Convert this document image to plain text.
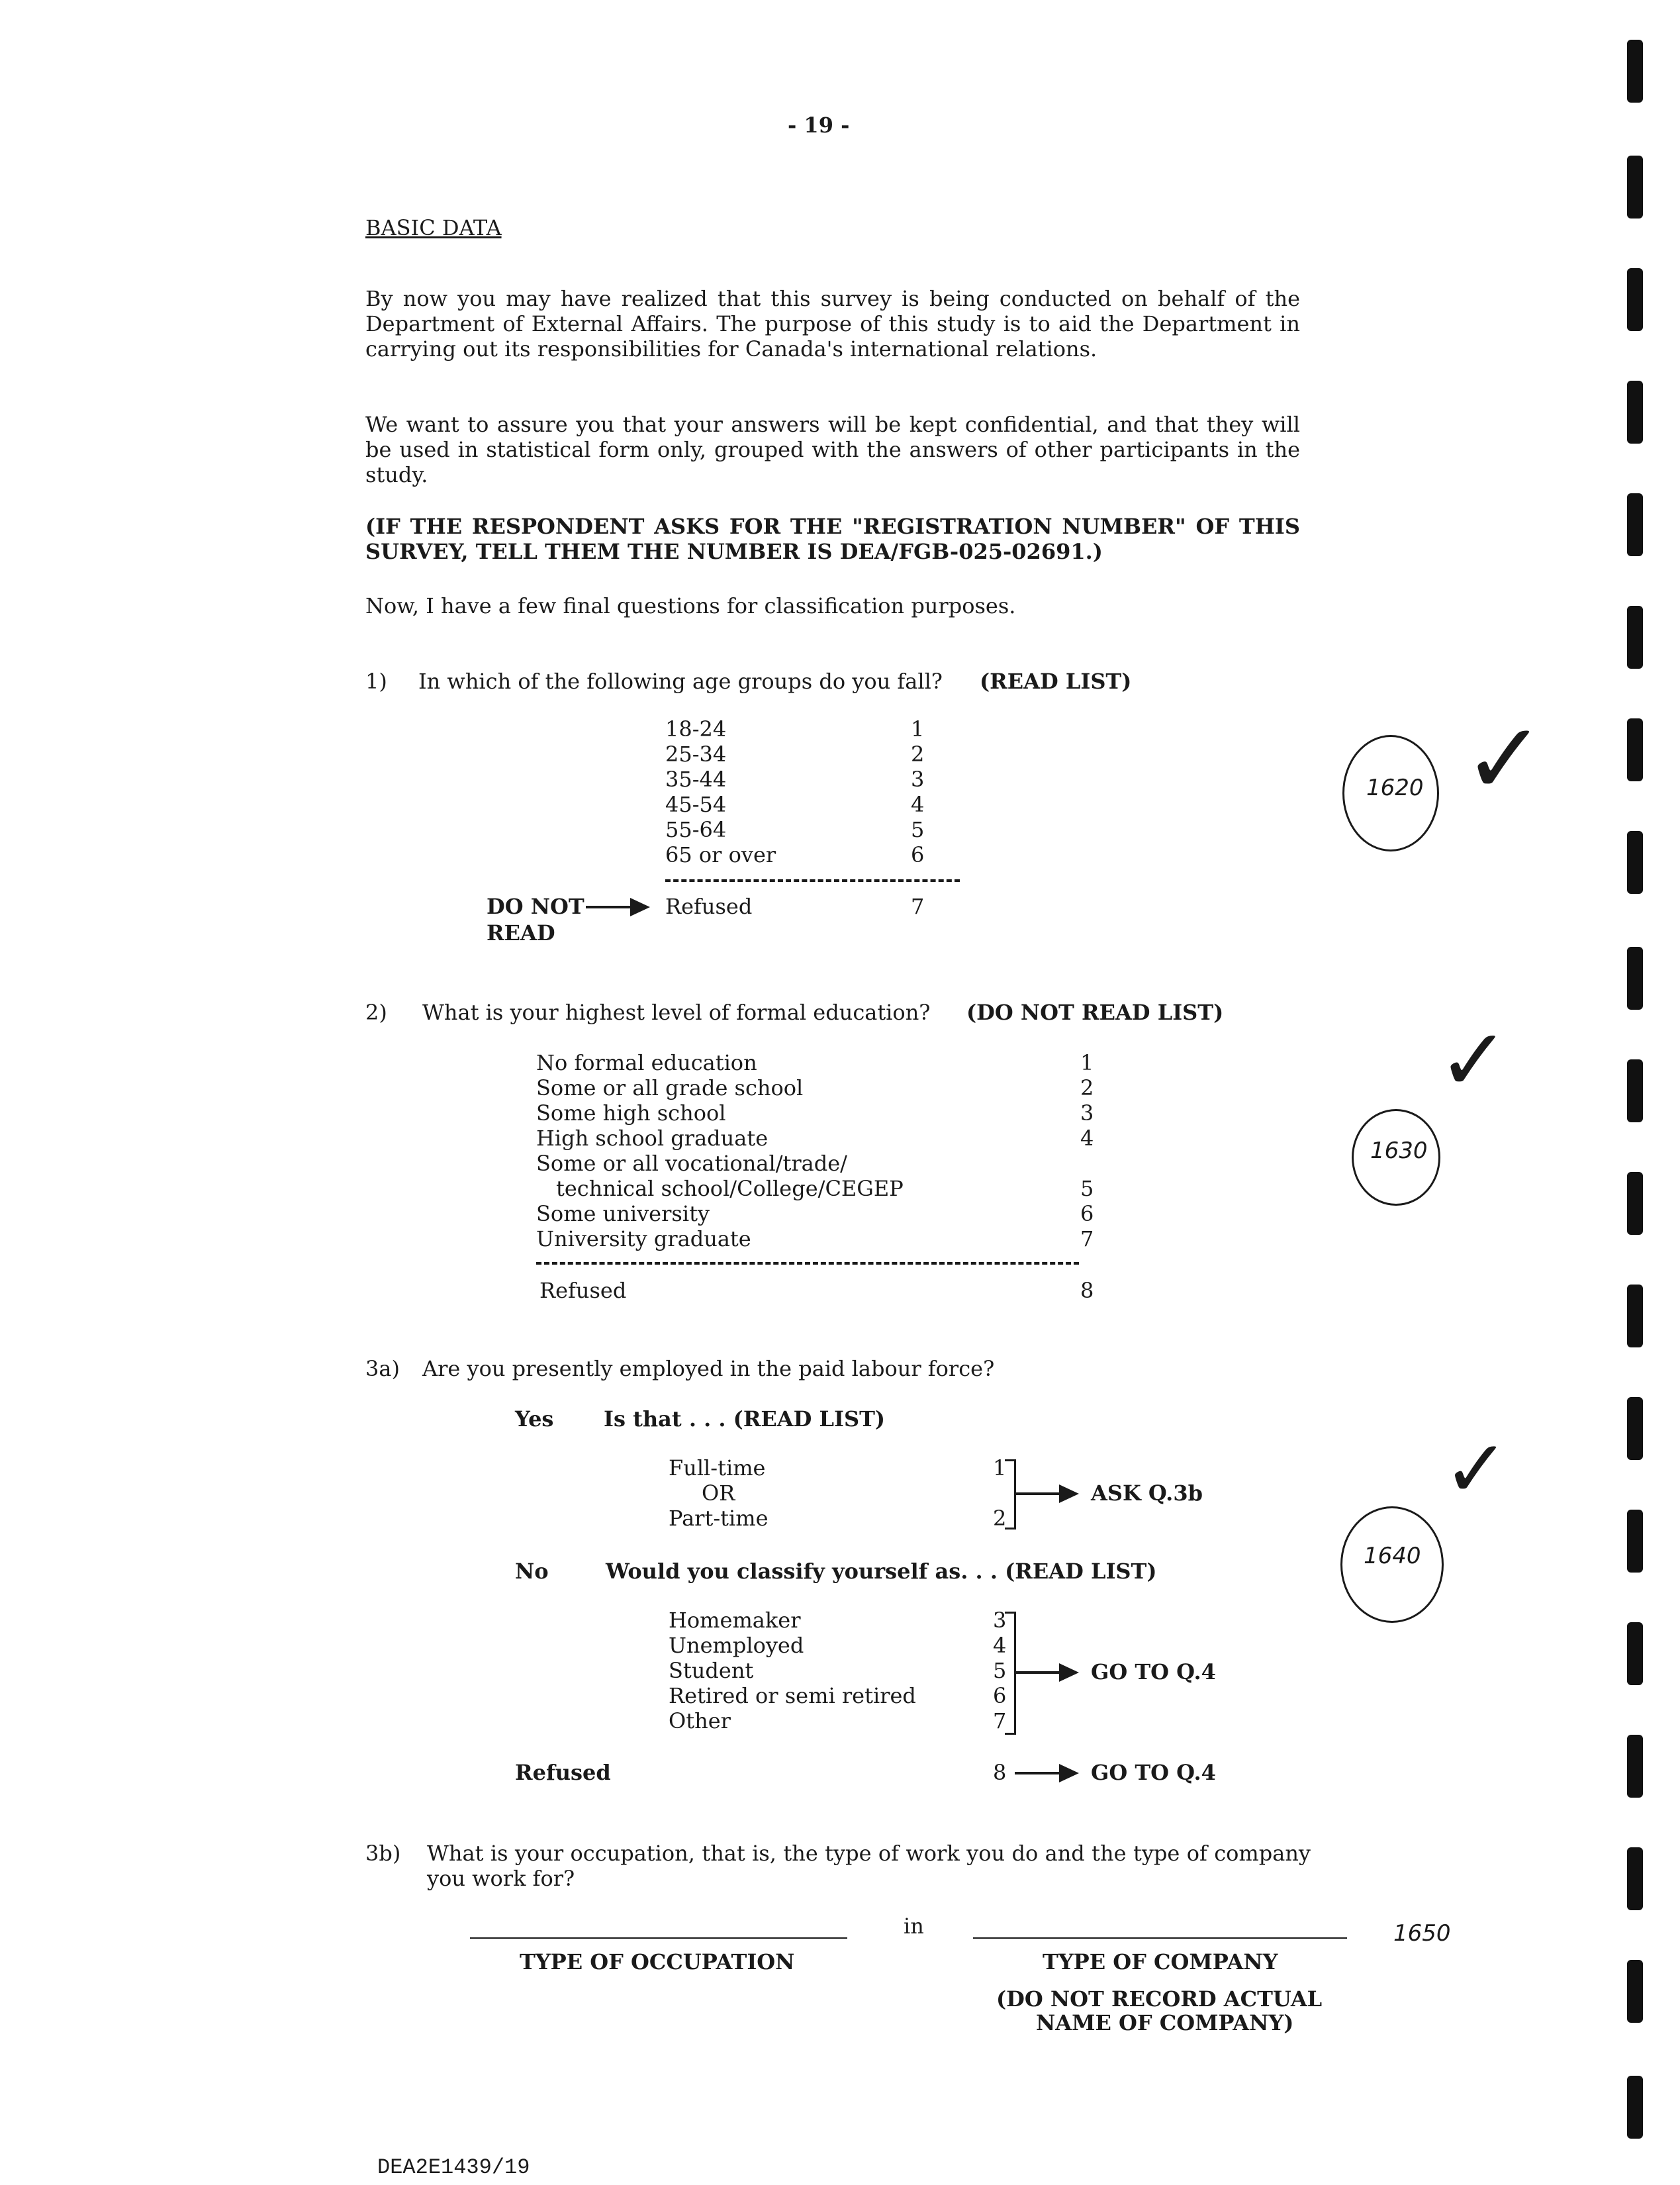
- 19 -
BASIC DATA
By now you may have realized that this survey is being conducted on behalf of the Department of External Affairs. The purpose of this study is to aid the Department in carrying out its responsibilities for Canada's international relations.
We want to assure you that your answers will be kept confidential, and that they will be used in statistical form only, grouped with the answers of other participants in the study.
(IF THE RESPONDENT ASKS FOR THE "REGISTRATION NUMBER" OF THIS SURVEY, TELL THEM THE NUMBER IS DEA/FGB-025-02691.)
Now, I have a few final questions for classification purposes.
1) In which of the following age groups do you fall? (READ LIST)
18-24	1
25-34	2
35-44	3
45-54	4
55-64	5
65 or over	6
DO NOT
READ
Refused	7
2) What is your highest level of formal education? (DO NOT READ LIST)
No formal education	1
Some or all grade school	2
Some high school	3
High school graduate	4
Some or all vocational/trade/
technical school/College/CEGEP	5
Some university	6
University graduate	7
Refused	8
3a) Are you presently employed in the paid labour force?
Yes Is that . . . (READ LIST)
Full-time	1
OR
Part-time	2
ASK Q.3b
No	Would you classify yourself as. . . (READ LIST)
Homemaker	3
Unemployed	4
Student	5
Retired or semi retired	6
Other	7
GO TO Q.4
Refused	8	GO TO Q.4
3b) What is your occupation, that is, the type of work you do and the type of company you work for?
in
TYPE OF OCCUPATION	TYPE OF COMPANY
(DO NOT RECORD ACTUAL
NAME OF COMPANY)
1620 ✓
1630
✓
1640
✓
1650
DEA2E1439/19
